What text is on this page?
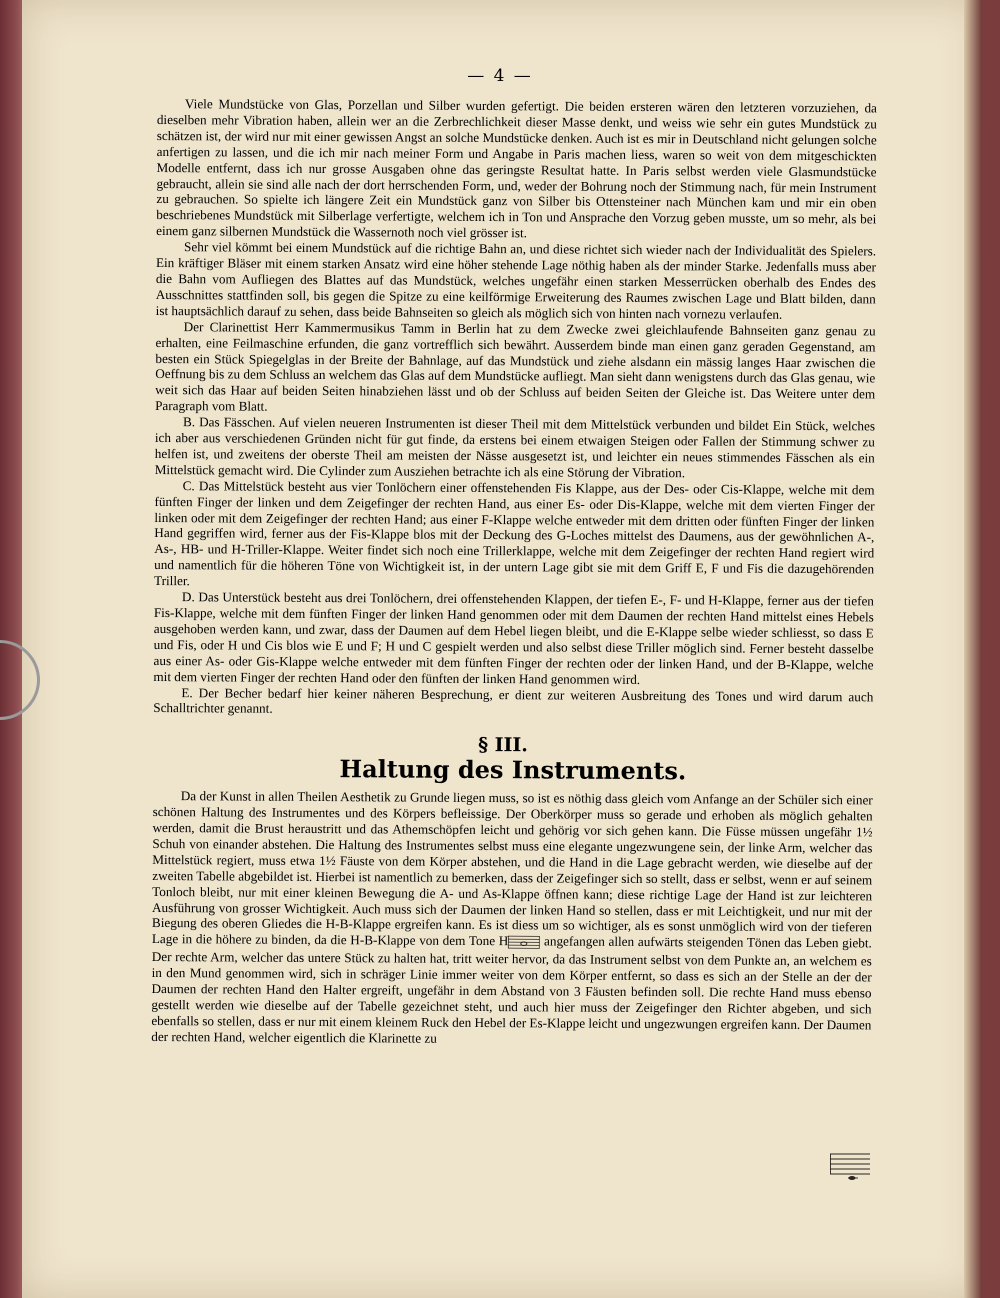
— 4 —

Viele Mundstücke von Glas, Porzellan und Silber wurden gefertigt. Die beiden ersteren wären den letzteren vorzuziehen, da dieselben mehr Vibration haben, allein wer an die Zerbrechlichkeit dieser Masse denkt, und weiss wie sehr ein gutes Mundstück zu schätzen ist, der wird nur mit einer gewissen Angst an solche Mundstücke denken. Auch ist es mir in Deutschland nicht gelungen solche anfertigen zu lassen, und die ich mir nach meiner Form und Angabe in Paris machen liess, waren so weit von dem mitgeschickten Modelle entfernt, dass ich nur grosse Ausgaben ohne das geringste Resultat hatte. In Paris selbst werden viele Glasmundstücke gebraucht, allein sie sind alle nach der dort herrschenden Form, und, weder der Bohrung noch der Stimmung nach, für mein Instrument zu gebrauchen. So spielte ich längere Zeit ein Mundstück ganz von Silber bis Ottensteiner nach München kam und mir ein oben beschriebenes Mundstück mit Silberlage verfertigte, welchem ich in Ton und Ansprache den Vorzug geben musste, um so mehr, als bei einem ganz silbernen Mundstück die Wassernoth noch viel grösser ist.

Sehr viel kömmt bei einem Mundstück auf die richtige Bahn an, und diese richtet sich wieder nach der Individualität des Spielers. Ein kräftiger Bläser mit einem starken Ansatz wird eine höher stehende Lage nöthig haben als der minder Starke. Jedenfalls muss aber die Bahn vom Aufliegen des Blattes auf das Mundstück, welches ungefähr einen starken Messerrücken oberhalb des Endes des Ausschnittes stattfinden soll, bis gegen die Spitze zu eine keilförmige Erweiterung des Raumes zwischen Lage und Blatt bilden, dann ist hauptsächlich darauf zu sehen, dass beide Bahnseiten so gleich als möglich sich von hinten nach vornezu verlaufen.

Der Clarinettist Herr Kammermusikus Tamm in Berlin hat zu dem Zwecke zwei gleichlaufende Bahnseiten ganz genau zu erhalten, eine Feilmaschine erfunden, die ganz vortrefflich sich bewährt. Ausserdem binde man einen ganz geraden Gegenstand, am besten ein Stück Spiegelglas in der Breite der Bahnlage, auf das Mundstück und ziehe alsdann ein mässig langes Haar zwischen die Oeffnung bis zu dem Schluss an welchem das Glas auf dem Mundstücke aufliegt. Man sieht dann wenigstens durch das Glas genau, wie weit sich das Haar auf beiden Seiten hinabziehen lässt und ob der Schluss auf beiden Seiten der Gleiche ist. Das Weitere unter dem Paragraph vom Blatt.

B. Das Fässchen. Auf vielen neueren Instrumenten ist dieser Theil mit dem Mittelstück verbunden und bildet Ein Stück, welches ich aber aus verschiedenen Gründen nicht für gut finde, da erstens bei einem etwaigen Steigen oder Fallen der Stimmung schwer zu helfen ist, und zweitens der oberste Theil am meisten der Nässe ausgesetzt ist, und leichter ein neues stimmendes Fässchen als ein Mittelstück gemacht wird. Die Cylinder zum Ausziehen betrachte ich als eine Störung der Vibration.

C. Das Mittelstück besteht aus vier Tonlöchern einer offenstehenden Fis Klappe, aus der Des- oder Cis-Klappe, welche mit dem fünften Finger der linken und dem Zeigefinger der rechten Hand, aus einer Es- oder Dis-Klappe, welche mit dem vierten Finger der linken oder mit dem Zeigefinger der rechten Hand; aus einer F-Klappe welche entweder mit dem dritten oder fünften Finger der linken Hand gegriffen wird, ferner aus der Fis-Klappe blos mit der Deckung des G-Loches mittelst des Daumens, aus der gewöhnlichen A-, As-, HB- und H-Triller-Klappe. Weiter findet sich noch eine Trillerklappe, welche mit dem Zeigefinger der rechten Hand regiert wird und namentlich für die höheren Töne von Wichtigkeit ist, in der untern Lage gibt sie mit dem Griff E, F und Fis die dazugehörenden Triller.

D. Das Unterstück besteht aus drei Tonlöchern, drei offenstehenden Klappen, der tiefen E-, F- und H-Klappe, ferner aus der tiefen Fis-Klappe, welche mit dem fünften Finger der linken Hand genommen oder mit dem Daumen der rechten Hand mittelst eines Hebels ausgehoben werden kann, und zwar, dass der Daumen auf dem Hebel liegen bleibt, und die E-Klappe selbe wieder schliesst, so dass E und Fis, oder H und Cis blos wie E und F; H und C gespielt werden und also selbst diese Triller möglich sind. Ferner besteht dasselbe aus einer As- oder Gis-Klappe welche entweder mit dem fünften Finger der rechten oder der linken Hand, und der B-Klappe, welche mit dem vierten Finger der rechten Hand oder den fünften der linken Hand genommen wird.

E. Der Becher bedarf hier keiner näheren Besprechung, er dient zur weiteren Ausbreitung des Tones und wird darum auch Schalltrichter genannt.

§ III.
Haltung des Instruments.

Da der Kunst in allen Theilen Aesthetik zu Grunde liegen muss, so ist es nöthig dass gleich vom Anfange an der Schüler sich einer schönen Haltung des Instrumentes und des Körpers befleissige. Der Oberkörper muss so gerade und erhoben als möglich gehalten werden, damit die Brust heraustritt und das Athemschöpfen leicht und gehörig vor sich gehen kann. Die Füsse müssen ungefähr 1½ Schuh von einander abstehen. Die Haltung des Instrumentes selbst muss eine elegante ungezwungene sein, der linke Arm, welcher das Mittelstück regiert, muss etwa 1½ Fäuste von dem Körper abstehen, und die Hand in die Lage gebracht werden, wie dieselbe auf der zweiten Tabelle abgebildet ist. Hierbei ist namentlich zu bemerken, dass der Zeigefinger sich so stellt, dass er selbst, wenn er auf seinem Tonloch bleibt, nur mit einer kleinen Bewegung die A- und As-Klappe öffnen kann; diese richtige Lage der Hand ist zur leichteren Ausführung von grosser Wichtigkeit. Auch muss sich der Daumen der linken Hand so stellen, dass er mit Leichtigkeit, und nur mit der Biegung des oberen Gliedes die H-B-Klappe ergreifen kann. Es ist diess um so wichtiger, als es sonst unmöglich wird von der tieferen Lage in die höhere zu binden, da die H-B-Klappe von dem Tone H	angefangen allen aufwärts steigenden Tönen das Leben giebt. Der rechte Arm, welcher das untere Stück zu halten hat, tritt weiter hervor, da das Instrument selbst von dem Punkte an, an welchem es in den Mund genommen wird, sich in schräger Linie immer weiter von dem Körper entfernt, so dass es sich an der Stelle an der der Daumen der rechten Hand den Halter ergreift, ungefähr in dem Abstand von 3 Fäusten befinden soll. Die rechte Hand muss ebenso gestellt werden wie dieselbe auf der Tabelle gezeichnet steht, und auch hier muss der Zeigefinger den Richter abgeben, und sich ebenfalls so stellen, dass er nur mit einem kleinem Ruck den Hebel der Es-Klappe leicht und ungezwungen ergreifen kann. Der Daumen der rechten Hand, welcher eigentlich die Klarinette zu
